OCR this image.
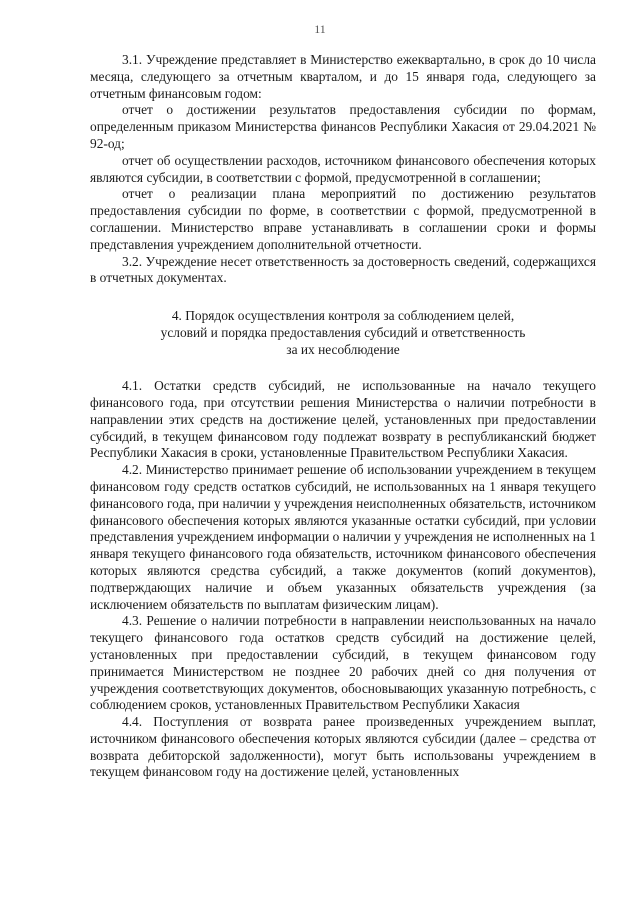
11

3.1. Учреждение представляет в Министерство ежеквартально, в срок до 10 числа месяца, следующего за отчетным кварталом, и до 15 января года, следующего за отчетным финансовым годом:

отчет о достижении результатов предоставления субсидии по формам, определенным приказом Министерства финансов Республики Хакасия от 29.04.2021 № 92-од;

отчет об осуществлении расходов, источником финансового обеспечения которых являются субсидии, в соответствии с формой, предусмотренной в соглашении;

отчет о реализации плана мероприятий по достижению результатов предоставления субсидии по форме, в соответствии с формой, предусмотренной в соглашении. Министерство вправе устанавливать в соглашении сроки и формы представления учреждением дополнительной отчетности.

3.2. Учреждение несет ответственность за достоверность сведений, содержащихся в отчетных документах.

4. Порядок осуществления контроля за соблюдением целей,
условий и порядка предоставления субсидий и ответственность
за их несоблюдение

4.1. Остатки средств субсидий, не использованные на начало текущего финансового года, при отсутствии решения Министерства о наличии потребности в направлении этих средств на достижение целей, установленных при предоставлении субсидий, в текущем финансовом году подлежат возврату в республиканский бюджет Республики Хакасия в сроки, установленные Правительством Республики Хакасия.

4.2. Министерство принимает решение об использовании учреждением в текущем финансовом году средств остатков субсидий, не использованных на 1 января текущего финансового года, при наличии у учреждения неисполненных обязательств, источником финансового обеспечения которых являются указанные остатки субсидий, при условии представления учреждением информации о наличии у учреждения не исполненных на 1 января текущего финансового года обязательств, источником финансового обеспечения которых являются средства субсидий, а также документов (копий документов), подтверждающих наличие и объем указанных обязательств учреждения (за исключением обязательств по выплатам физическим лицам).

4.3. Решение о наличии потребности в направлении неиспользованных на начало текущего финансового года остатков средств субсидий на достижение целей, установленных при предоставлении субсидий, в текущем финансовом году принимается Министерством не позднее 20 рабочих дней со дня получения от учреждения соответствующих документов, обосновывающих указанную потребность, с соблюдением сроков, установленных Правительством Республики Хакасия

4.4. Поступления от возврата ранее произведенных учреждением выплат, источником финансового обеспечения которых являются субсидии (далее – средства от возврата дебиторской задолженности), могут быть использованы учреждением в текущем финансовом году на достижение целей, установленных
